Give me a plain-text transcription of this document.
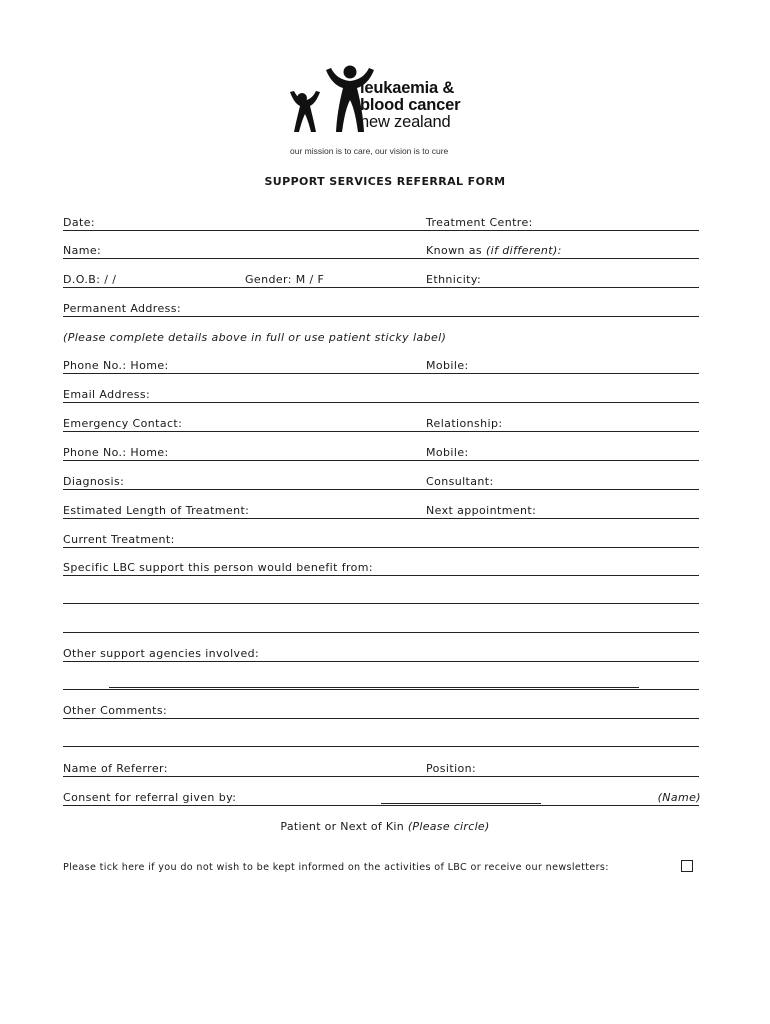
leukaemia &
blood cancer
new zealand
our mission is to care, our vision is to cure
SUPPORT SERVICES REFERRAL FORM
Date:	Treatment Centre:
Name:	Known as (if different):
D.O.B: / /	Gender: M / F	Ethnicity:
Permanent Address:
(Please complete details above in full or use patient sticky label)
Phone No.: Home:	Mobile:
Email Address:
Emergency Contact:	Relationship:
Phone No.: Home:	Mobile:
Diagnosis:	Consultant:
Estimated Length of Treatment:	Next appointment:
Current Treatment:
Specific LBC support this person would benefit from:
Other support agencies involved:
Other Comments:
Name of Referrer:	Position:
Consent for referral given by:	(Name)
Patient or Next of Kin (Please circle)
Please tick here if you do not wish to be kept informed on the activities of LBC or receive our newsletters:
